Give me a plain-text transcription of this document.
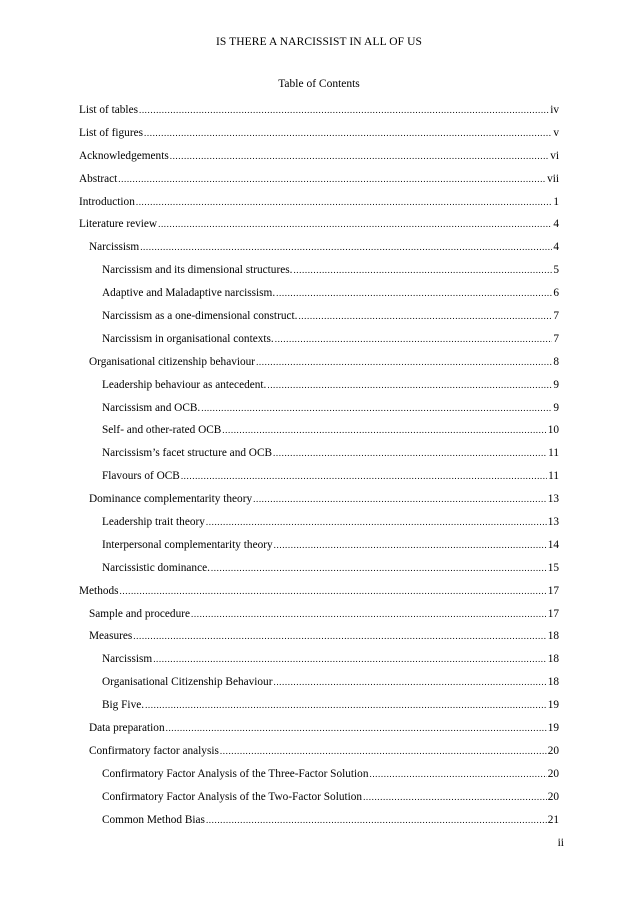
IS THERE A NARCISSIST IN ALL OF US
Table of Contents
List of tables .....	iv
List of figures .....	v
Acknowledgements .....	vi
Abstract .....	vii
Introduction .....	1
Literature review .....	4
Narcissism .....	4
Narcissism and its dimensional structures. .....	5
Adaptive and Maladaptive narcissism. .....	6
Narcissism as a one-dimensional construct. .....	7
Narcissism in organisational contexts. .....	7
Organisational citizenship behaviour .....	8
Leadership behaviour as antecedent. .....	9
Narcissism and OCB. .....	9
Self- and other-rated OCB .....	10
Narcissism’s facet structure and OCB .....	11
Flavours of OCB .....	11
Dominance complementarity theory .....	13
Leadership trait theory .....	13
Interpersonal complementarity theory .....	14
Narcissistic dominance. .....	15
Methods .....	17
Sample and procedure .....	17
Measures .....	18
Narcissism .....	18
Organisational Citizenship Behaviour .....	18
Big Five. .....	19
Data preparation .....	19
Confirmatory factor analysis .....	20
Confirmatory Factor Analysis of the Three-Factor Solution .....	20
Confirmatory Factor Analysis of the Two-Factor Solution .....	20
Common Method Bias .....	21
ii
